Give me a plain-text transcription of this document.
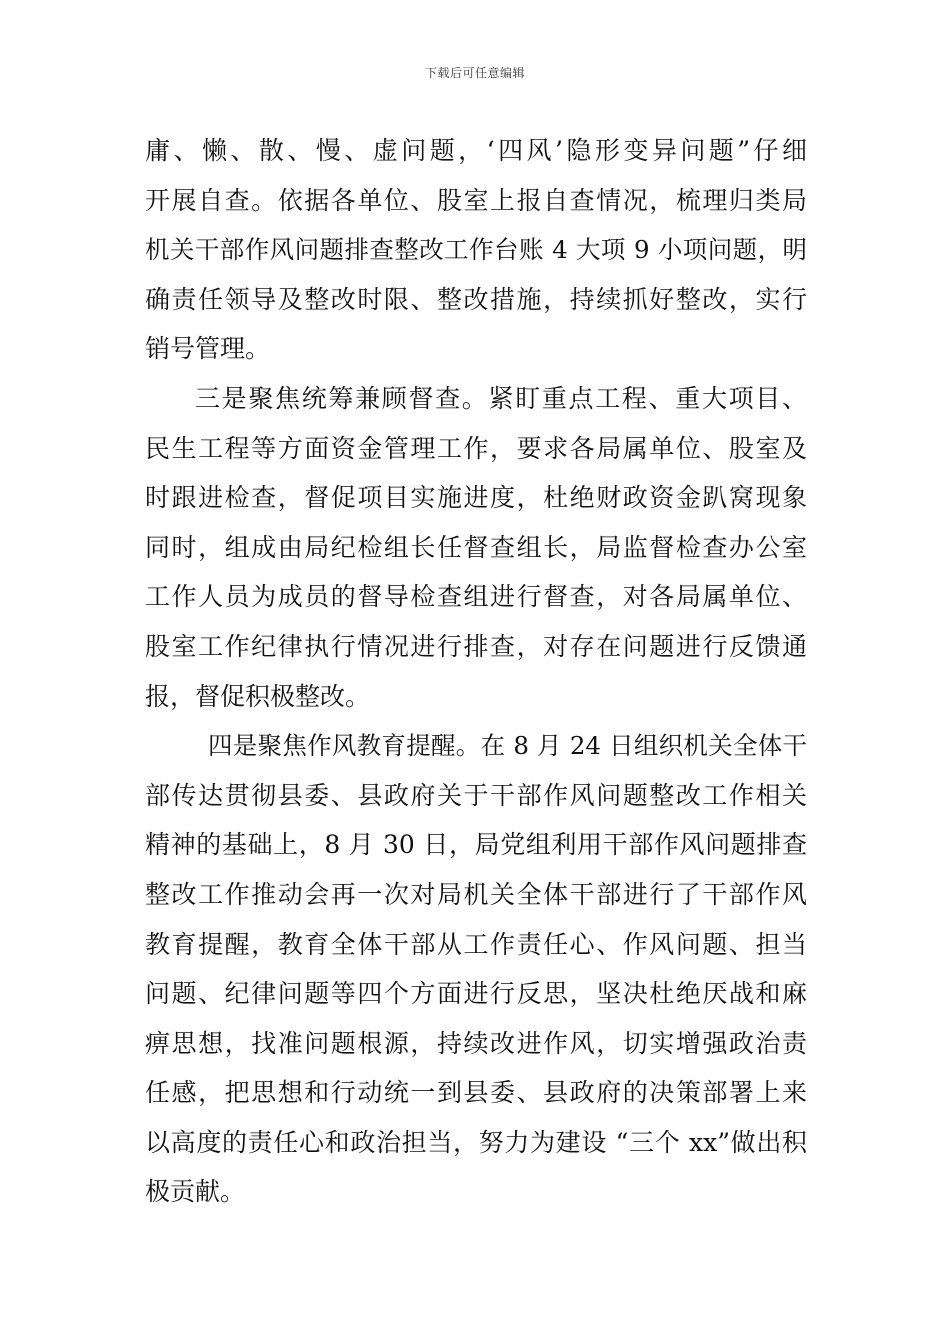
下载后可任意编辑
庸、懒、散、慢、虚问题，‘四风’隐形变异问题”仔细
开展自查。依据各单位、股室上报自查情况，梳理归类局
机关干部作风问题排查整改工作台账 4 大项 9 小项问题，明
确责任领导及整改时限、整改措施，持续抓好整改，实行
销号管理。
三是聚焦统筹兼顾督查。紧盯重点工程、重大项目、
民生工程等方面资金管理工作，要求各局属单位、股室及
时跟进检查，督促项目实施进度，杜绝财政资金趴窝现象
同时，组成由局纪检组长任督查组长，局监督检查办公室
工作人员为成员的督导检查组进行督查，对各局属单位、
股室工作纪律执行情况进行排查，对存在问题进行反馈通
报，督促积极整改。
四是聚焦作风教育提醒。在 8 月 24 日组织机关全体干
部传达贯彻县委、县政府关于干部作风问题整改工作相关
精神的基础上，8 月 30 日，局党组利用干部作风问题排查
整改工作推动会再一次对局机关全体干部进行了干部作风
教育提醒，教育全体干部从工作责任心、作风问题、担当
问题、纪律问题等四个方面进行反思，坚决杜绝厌战和麻
痹思想，找准问题根源，持续改进作风，切实增强政治责
任感，把思想和行动统一到县委、县政府的决策部署上来
以高度的责任心和政治担当，努力为建设 “三个 xx”做出积
极贡献。
